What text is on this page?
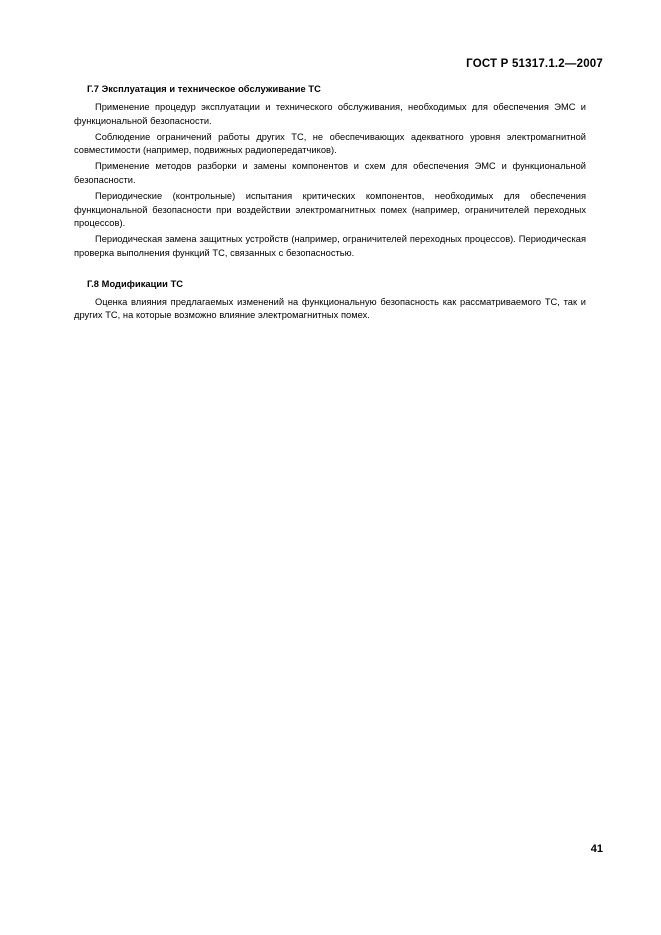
ГОСТ Р 51317.1.2—2007
Г.7 Эксплуатация и техническое обслуживание ТС

Применение процедур эксплуатации и технического обслуживания, необходимых для обеспечения ЭМС и функциональной безопасности.

Соблюдение ограничений работы других ТС, не обеспечивающих адекватного уровня электромагнитной совместимости (например, подвижных радиопередатчиков).

Применение методов разборки и замены компонентов и схем для обеспечения ЭМС и функциональной безопасности.

Периодические (контрольные) испытания критических компонентов, необходимых для обеспечения функциональной безопасности при воздействии электромагнитных помех (например, ограничителей переходных процессов).

Периодическая замена защитных устройств (например, ограничителей переходных процессов). Периодическая проверка выполнения функций ТС, связанных с безопасностью.

Г.8 Модификации ТС

Оценка влияния предлагаемых изменений на функциональную безопасность как рассматриваемого ТС, так и других ТС, на которые возможно влияние электромагнитных помех.

41
